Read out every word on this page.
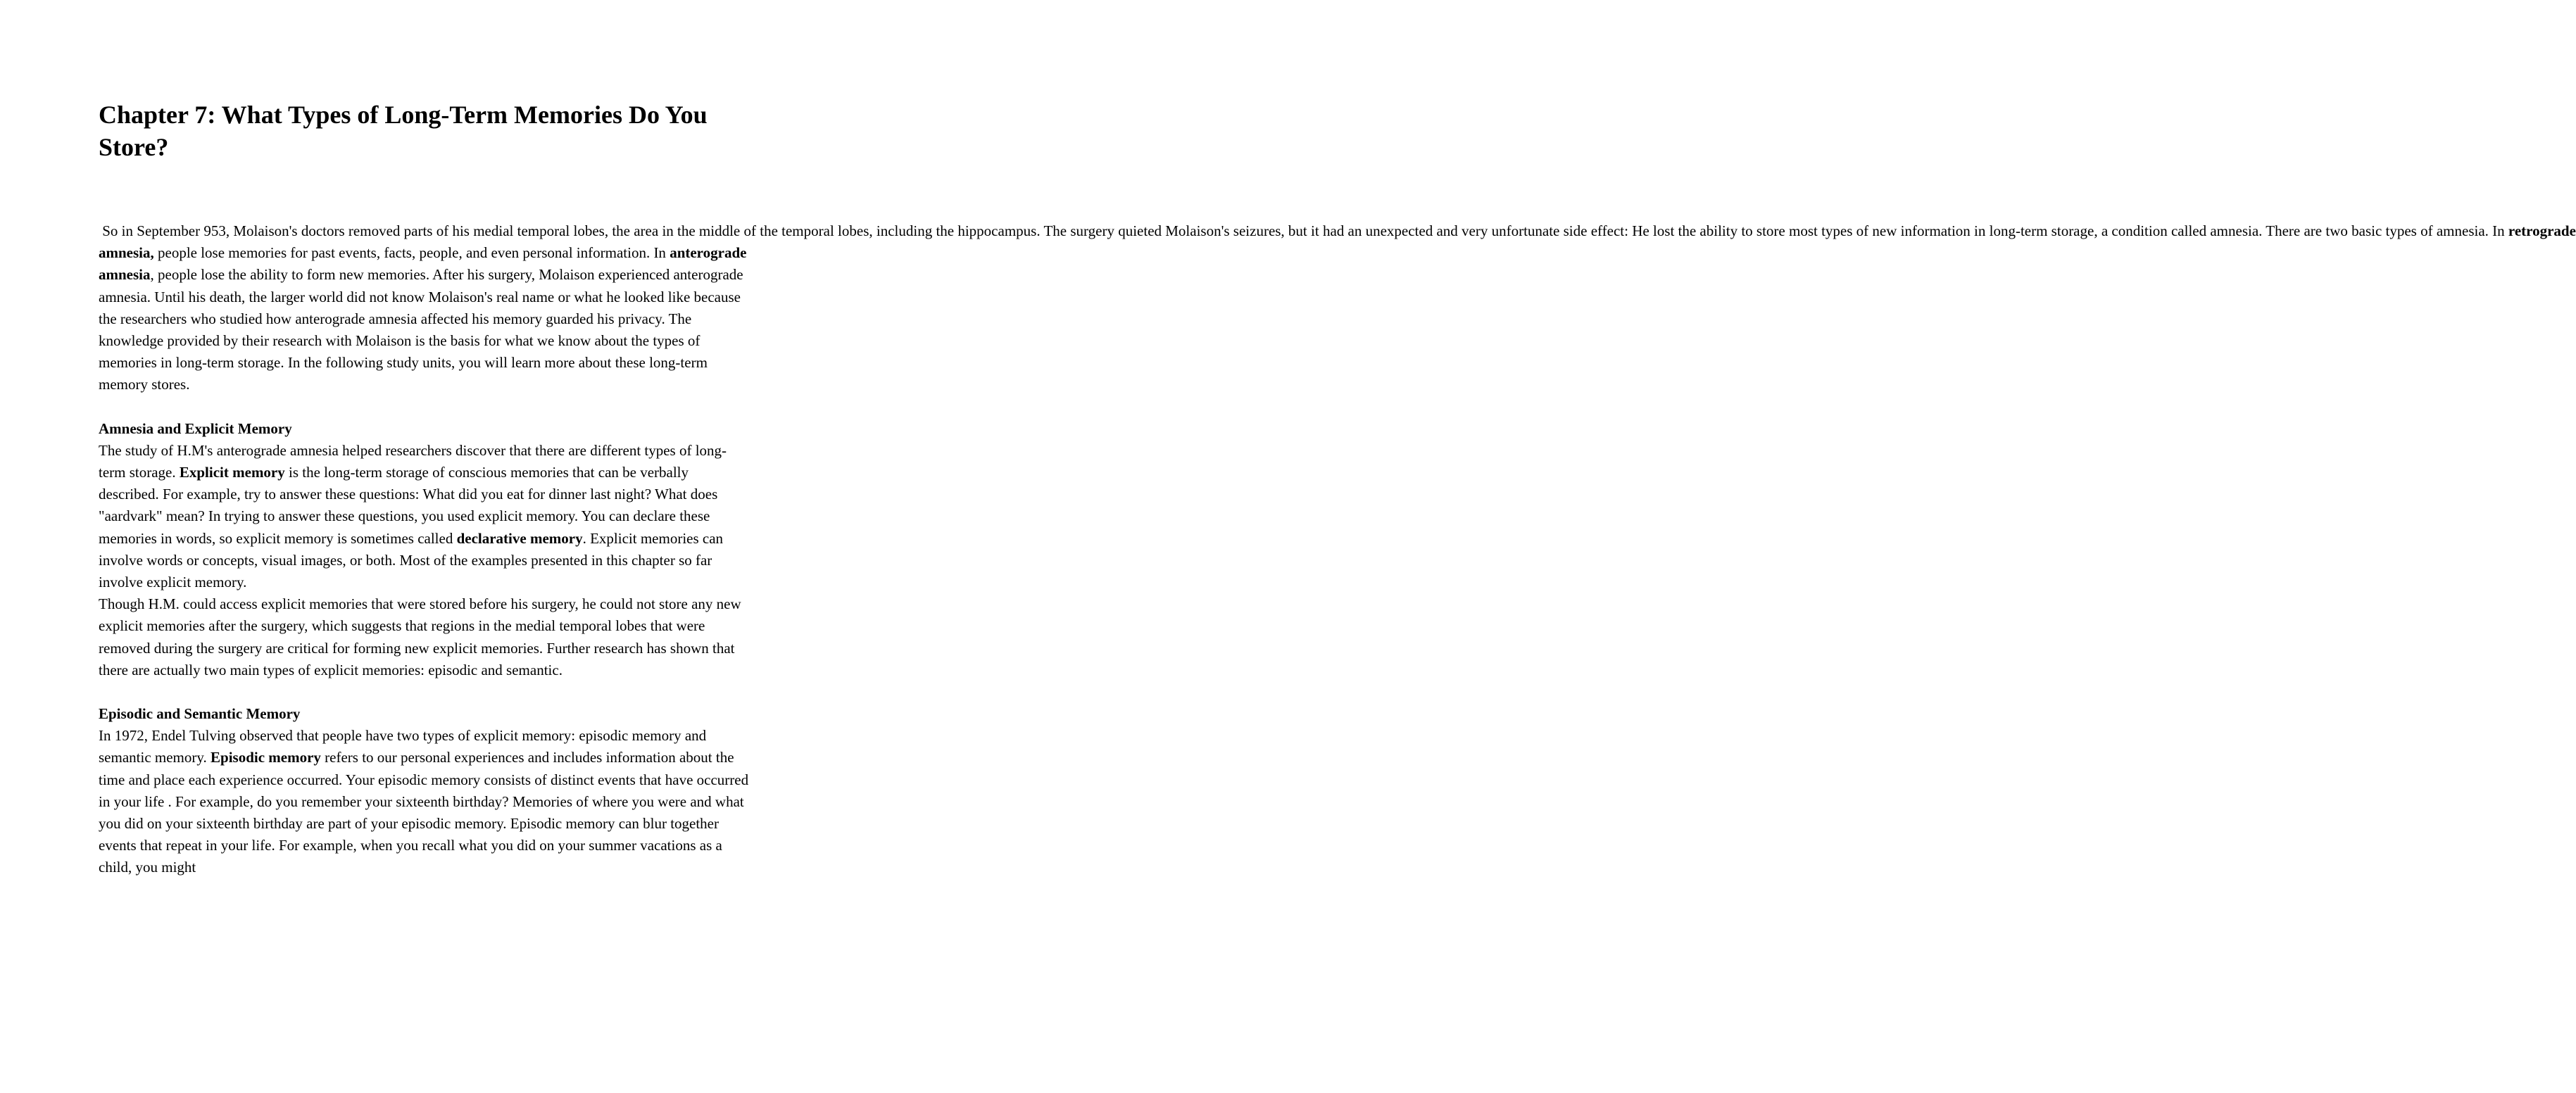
Chapter 7: What Types of Long-Term Memories Do You Store?

So in September 953, Molaison's doctors removed parts of his medial temporal lobes, the area in the middle of the temporal lobes, including the hippocampus. The surgery quieted Molaison's seizures, but it had an unexpected and very unfortunate side effect: He lost the ability to store most types of new information in long-term storage, a condition called amnesia. There are two basic types of amnesia. In retrograde amnesia, people lose memories for past events, facts, people, and even personal information. In anterograde amnesia, people lose the ability to form new memories. After his surgery, Molaison experienced anterograde amnesia. Until his death, the larger world did not know Molaison's real name or what he looked like because the researchers who studied how anterograde amnesia affected his memory guarded his privacy. The knowledge provided by their research with Molaison is the basis for what we know about the types of memories in long-term storage. In the following study units, you will learn more about these long-term memory stores.

Amnesia and Explicit Memory

The study of H.M's anterograde amnesia helped researchers discover that there are different types of long-term storage. Explicit memory is the long-term storage of conscious memories that can be verbally described. For example, try to answer these questions: What did you eat for dinner last night? What does "aardvark" mean? In trying to answer these questions, you used explicit memory. You can declare these memories in words, so explicit memory is sometimes called declarative memory. Explicit memories can involve words or concepts, visual images, or both. Most of the examples presented in this chapter so far involve explicit memory.

Though H.M. could access explicit memories that were stored before his surgery, he could not store any new explicit memories after the surgery, which suggests that regions in the medial temporal lobes that were removed during the surgery are critical for forming new explicit memories. Further research has shown that there are actually two main types of explicit memories: episodic and semantic.

Episodic and Semantic Memory

In 1972, Endel Tulving observed that people have two types of explicit memory: episodic memory and semantic memory. Episodic memory refers to our personal experiences and includes information about the time and place each experience occurred. Your episodic memory consists of distinct events that have occurred in your life . For example, do you remember your sixteenth birthday? Memories of where you were and what you did on your sixteenth birthday are part of your episodic memory. Episodic memory can blur together events that repeat in your life. For example, when you recall what you did on your summer vacations as a child, you might
